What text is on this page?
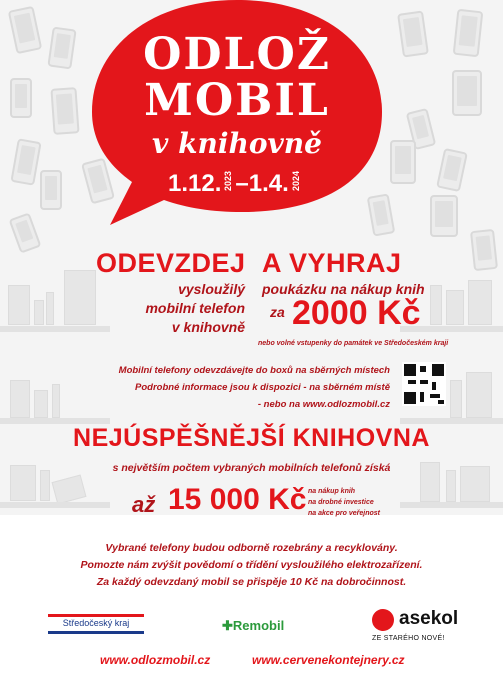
ODLOŽ
MOBIL
v knihovně
1.12. 2023–1.4. 2024
ODEVZDEJ
vysloužilý
mobilní telefon
v knihovně
A VYHRAJ
poukázku na nákup knih
za 2000 Kč
nebo volné vstupenky do památek ve Středočeském kraji
Mobilní telefony odevzdávejte do boxů na sběrných místech
Podrobné informace jsou k dispozici - na sběrném místě
- nebo na www.odlozmobil.cz
NEJÚSPĚŠNĚJŠÍ KNIHOVNA
s největším počtem vybraných mobilních telefonů získá
až 15 000 Kč na nákup knih
na drobné investice
na akce pro veřejnost
Vybrané telefony budou odborně rozebrány a recyklovány.
Pomozte nám zvýšit povědomí o třídění vysloužilého elektrozařízení.
Za každý odevzdaný mobil se přispěje 10 Kč na dobročinnost.
Středočeský kraj	✚Remobil	asekol
ZE STARÉHO NOVÉ!
www.odlozmobil.cz	www.cervenekontejnery.cz
